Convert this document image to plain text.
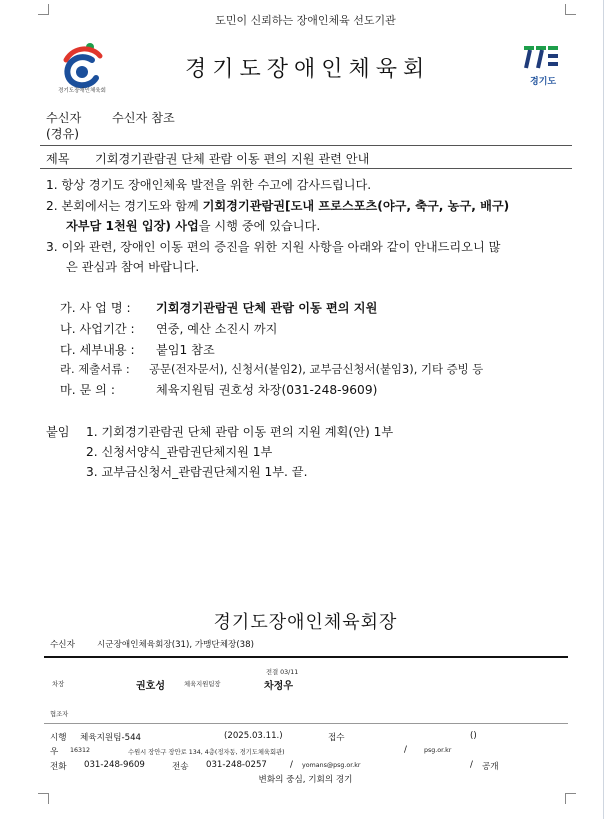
도민이 신뢰하는 장애인체육 선도기관
경기도장애인체육회
경기도장애인체육회	경기도
수신자	수신자 참조
(경유)
제목 기회경기관람권 단체 관람 이동 편의 지원 관련 안내
1. 항상 경기도 장애인체육 발전을 위한 수고에 감사드립니다.
2. 본회에서는 경기도와 함께 기회경기관람권[도내 프로스포츠(야구, 축구, 농구, 배구)
자부담 1천원 입장) 사업을 시행 중에 있습니다.
3. 이와 관련, 장애인 이동 편의 증진을 위한 지원 사항을 아래와 같이 안내드리오니 많
은 관심과 참여 바랍니다.
가. 사 업 명 : 기회경기관람권 단체 관람 이동 편의 지원
나. 사업기간 : 연중, 예산 소진시 까지
다. 세부내용 : 붙임1 참조
라. 제출서류 : 공문(전자문서), 신청서(붙임2), 교부금신청서(붙임3), 기타 증빙 등
마. 문 의 :	체육지원팀 권호성 차장(031-248-9609)
붙임 1. 기회경기관람권 단체 관람 이동 편의 지원 계획(안) 1부
2. 신청서양식_관람권단체지원 1부
3. 교부금신청서_관람권단체지원 1부. 끝.
경기도장애인체육회장
수신자	시군장애인체육회장(31), 가맹단체장(38)
차장	권호성	체육지원팀장
전결 03/11
차정우
협조자
시행 체육지원팀-544	(2025.03.11.)	접수	()
우 16312	수원시 장안구 장안로 134, 4층(정자동, 경기도체육회관)	/	psg.or.kr
전화 031-248-9609	전송 031-248-0257	/ yomans@psg.or.kr	/ 공개
변화의 중심, 기회의 경기
